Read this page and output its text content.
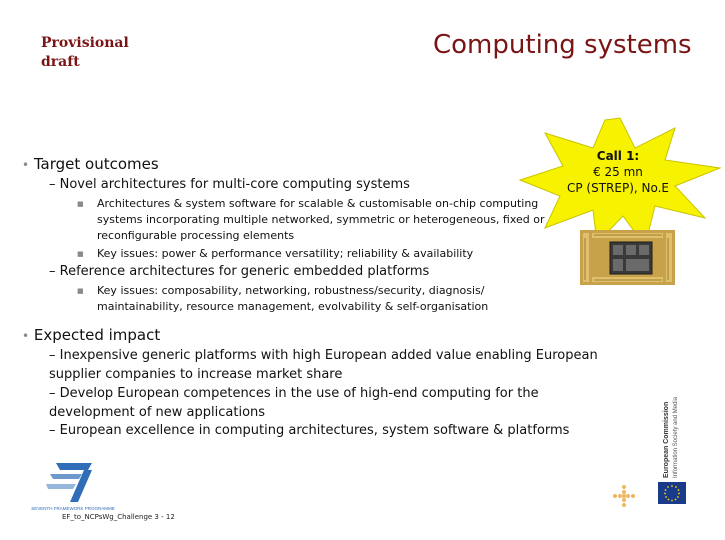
Provisional
draft
Computing systems
Call 1:
€ 25 mn
CP (STREP), No.E
• Target outcomes
– Novel architectures for multi-core computing systems
■ Architectures & system software for scalable & customisable on-chip computing systems incorporating multiple networked, symmetric or heterogeneous, fixed or reconfigurable processing elements
■ Key issues: power & performance versatility; reliability & availability
– Reference architectures for generic embedded platforms
■ Key issues: composability, networking, robustness/security, diagnosis/ maintainability, resource management, evolvability & self-organisation
• Expected impact
– Inexpensive generic platforms with high European added value enabling European supplier companies to increase market share
– Develop European competences in the use of high-end computing for the development of new applications
– European excellence in computing architectures, system software & platforms	European Commission Information Society and Media
SEVENTH FRAMEWORK PROGRAMME
EF_to_NCPsWg_Challenge 3 - 12
